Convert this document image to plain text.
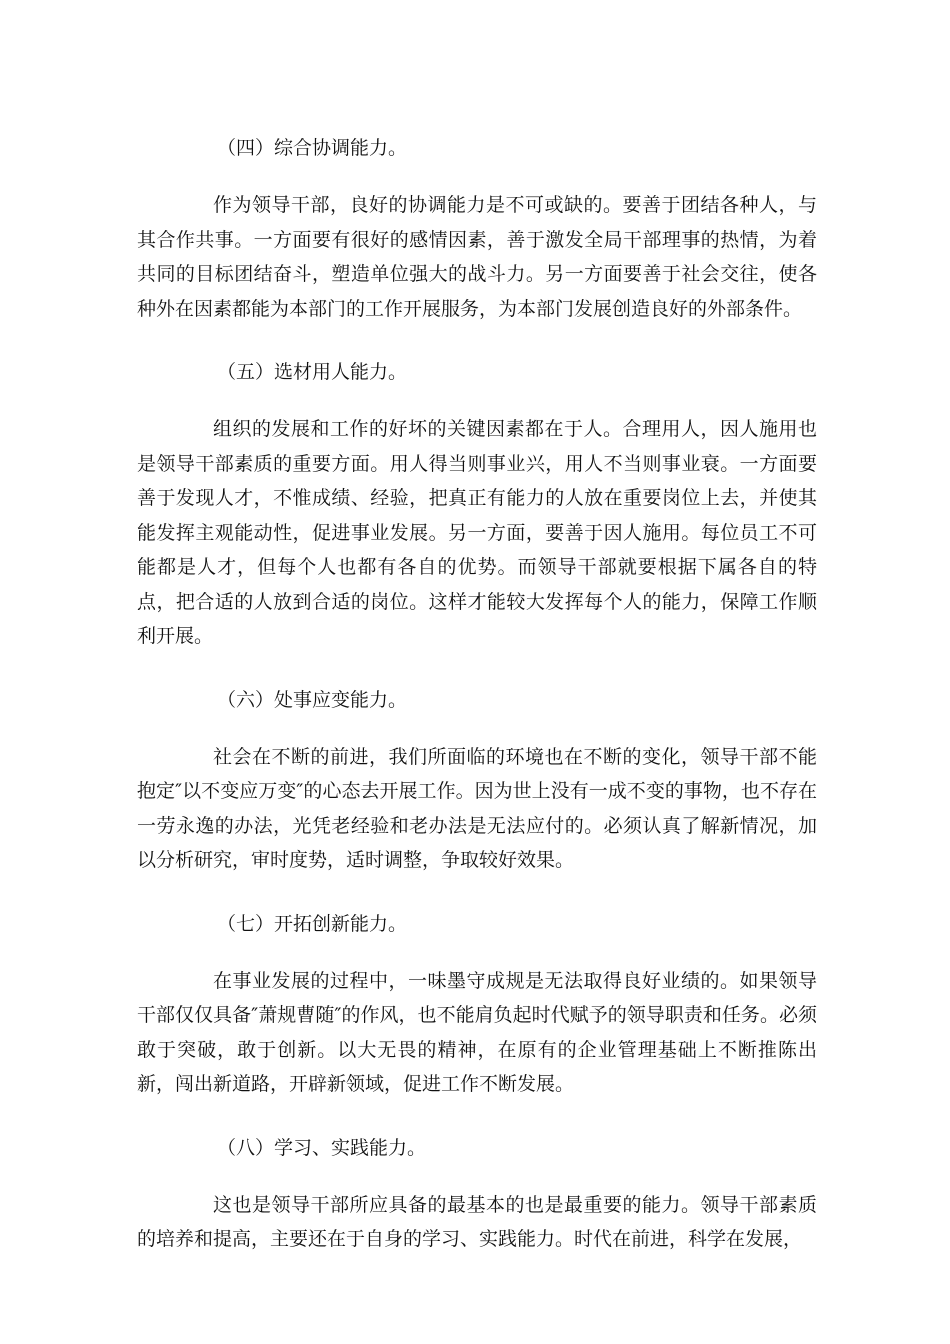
（四）综合协调能力。

作为领导干部，良好的协调能力是不可或缺的。要善于团结各种人，与其合作共事。一方面要有很好的感情因素，善于激发全局干部理事的热情，为着共同的目标团结奋斗，塑造单位强大的战斗力。另一方面要善于社会交往，使各种外在因素都能为本部门的工作开展服务，为本部门发展创造良好的外部条件。

（五）选材用人能力。

组织的发展和工作的好坏的关键因素都在于人。合理用人，因人施用也是领导干部素质的重要方面。用人得当则事业兴，用人不当则事业衰。一方面要善于发现人才，不惟成绩、经验，把真正有能力的人放在重要岗位上去，并使其能发挥主观能动性，促进事业发展。另一方面，要善于因人施用。每位员工不可能都是人才，但每个人也都有各自的优势。而领导干部就要根据下属各自的特点，把合适的人放到合适的岗位。这样才能较大发挥每个人的能力，保障工作顺利开展。

（六）处事应变能力。

社会在不断的前进，我们所面临的环境也在不断的变化，领导干部不能抱定″以不变应万变″的心态去开展工作。因为世上没有一成不变的事物，也不存在一劳永逸的办法，光凭老经验和老办法是无法应付的。必须认真了解新情况，加以分析研究，审时度势，适时调整，争取较好效果。

（七）开拓创新能力。

在事业发展的过程中，一味墨守成规是无法取得良好业绩的。如果领导干部仅仅具备″萧规曹随″的作风，也不能肩负起时代赋予的领导职责和任务。必须敢于突破，敢于创新。以大无畏的精神，在原有的企业管理基础上不断推陈出新，闯出新道路，开辟新领域，促进工作不断发展。

（八）学习、实践能力。

这也是领导干部所应具备的最基本的也是最重要的能力。领导干部素质的培养和提高，主要还在于自身的学习、实践能力。时代在前进，科学在发展，
